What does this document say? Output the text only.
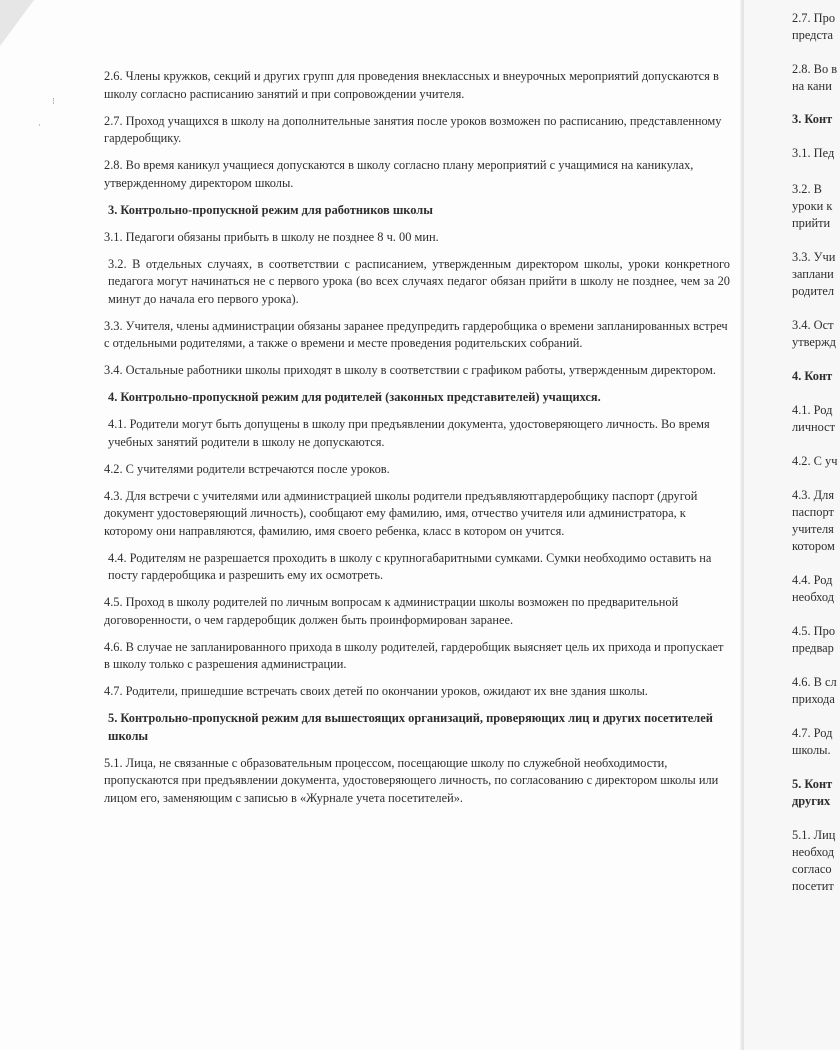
⁝
·

2.6. Члены кружков, секций и других групп для проведения внеклассных и внеурочных мероприятий допускаются в школу согласно расписанию занятий и при сопровождении учителя.

2.7. Проход учащихся в школу на дополнительные занятия после уроков возможен по расписанию, представленному гардеробщику.

2.8. Во время каникул учащиеся допускаются в школу согласно плану мероприятий с учащимися на каникулах, утвержденному директором школы.

3. Контрольно-пропускной режим для работников школы

3.1. Педагоги обязаны прибыть в школу не позднее 8 ч. 00 мин.

3.2. В отдельных случаях, в соответствии с расписанием, утвержденным директором школы, уроки конкретного педагога могут начинаться не с первого урока (во всех случаях педагог обязан прийти в школу не позднее, чем за 20 минут до начала его первого урока).

3.3. Учителя, члены администрации обязаны заранее предупредить гардеробщика о времени запланированных встреч с отдельными родителями, а также о времени и месте проведения родительских собраний.

3.4. Остальные работники школы приходят в школу в соответствии с графиком работы, утвержденным директором.

4. Контрольно-пропускной режим для родителей (законных представителей) учащихся.

4.1. Родители могут быть допущены в школу при предъявлении документа, удостоверяющего личность. Во время учебных занятий родители в школу не допускаются.

4.2. С учителями родители встречаются после уроков.

4.3. Для встречи с учителями или администрацией школы родители предъявляютгардеробщику паспорт (другой документ удостоверяющий личность), сообщают ему фамилию, имя, отчество учителя или администратора, к которому они направляются, фамилию, имя своего ребенка, класс в котором он учится.

4.4. Родителям не разрешается проходить в школу с крупногабаритными сумками. Сумки необходимо оставить на посту гардеробщика и разрешить ему их осмотреть.

4.5. Проход в школу родителей по личным вопросам к администрации школы возможен по предварительной договоренности, о чем гардеробщик должен быть проинформирован заранее.

4.6. В случае не запланированного прихода в школу родителей, гардеробщик выясняет цель их прихода и пропускает в школу только с разрешения администрации.

4.7. Родители, пришедшие встречать своих детей по окончании уроков, ожидают их вне здания школы.

5. Контрольно-пропускной режим для вышестоящих организаций, проверяющих лиц и других посетителей школы

5.1. Лица, не связанные с образовательным процессом, посещающие школу по служебной необходимости, пропускаются при предъявлении документа, удостоверяющего личность, по согласованию с директором школы или лицом его, заменяющим с записью в «Журнале учета посетителей».

2.7. Про
предста
2.8. Во в
на кани
3. Конт
3.1. Пед
3.2. В
уроки к
прийти
3.3. Учи
заплани
родител
3.4. Ост
утвержд
4. Конт
4.1. Род
личност
4.2. С уч
4.3. Для
паспорт
учителя
котором
4.4. Род
необход
4.5. Про
предвар
4.6. В сл
прихода
4.7. Род
школы.
5. Конт
других
5.1. Лиц
необход
согласо
посетит
